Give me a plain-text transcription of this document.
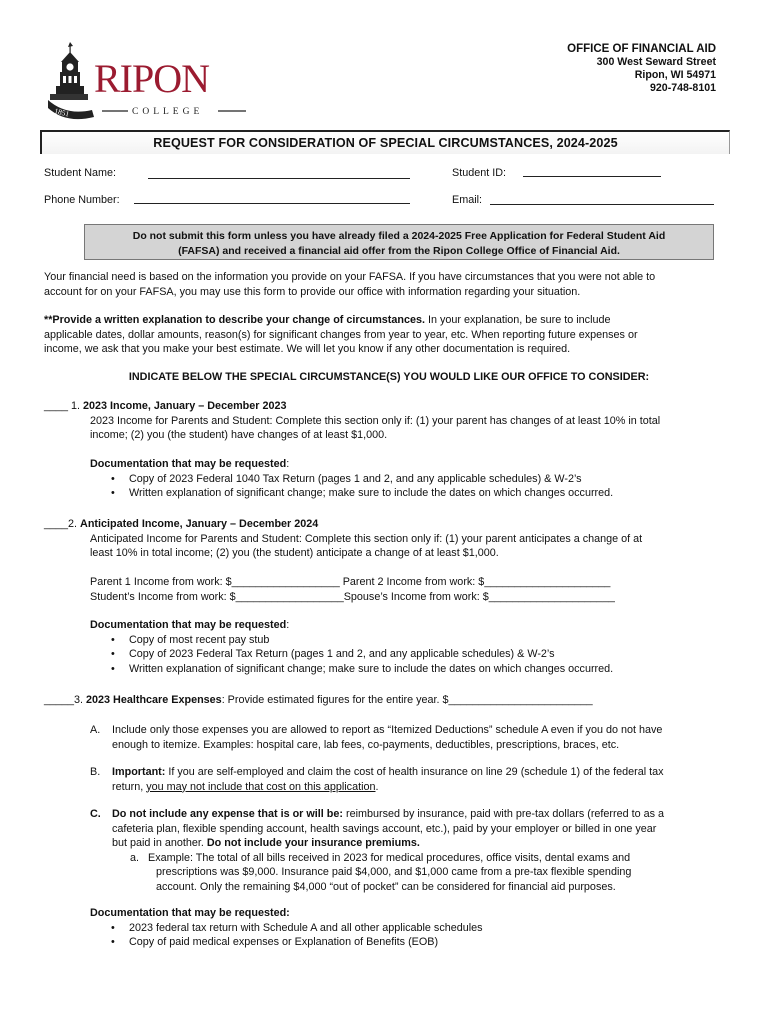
1851
RIPON
COLLEGE
OFFICE OF FINANCIAL AID
300 West Seward Street
Ripon, WI 54971
920-748-8101
REQUEST FOR CONSIDERATION OF SPECIAL CIRCUMSTANCES, 2024-2025
Student Name:	Student ID:
Phone Number:	Email:
Do not submit this form unless you have already filed a 2024-2025 Free Application for Federal Student Aid
(FAFSA) and received a financial aid offer from the Ripon College Office of Financial Aid.
Your financial need is based on the information you provide on your FAFSA. If you have circumstances that you were not able to
account for on your FAFSA, you may use this form to provide our office with information regarding your situation.
**Provide a written explanation to describe your change of circumstances. In your explanation, be sure to include
applicable dates, dollar amounts, reason(s) for significant changes from year to year, etc. When reporting future expenses or
income, we ask that you make your best estimate. We will let you know if any other documentation is required.
INDICATE BELOW THE SPECIAL CIRCUMSTANCE(S) YOU WOULD LIKE OUR OFFICE TO CONSIDER:
____ 1. 2023 Income, January – December 2023
2023 Income for Parents and Student: Complete this section only if: (1) your parent has changes of at least 10% in total
income; (2) you (the student) have changes of at least $1,000.
Documentation that may be requested:
• Copy of 2023 Federal 1040 Tax Return (pages 1 and 2, and any applicable schedules) & W-2’s
• Written explanation of significant change; make sure to include the dates on which changes occurred.
____2. Anticipated Income, January – December 2024
Anticipated Income for Parents and Student: Complete this section only if: (1) your parent anticipates a change of at
least 10% in total income; (2) you (the student) anticipate a change of at least $1,000.
Parent 1 Income from work: $__________________ Parent 2 Income from work: $_____________________
Student’s Income from work: $__________________Spouse’s Income from work: $_____________________
Documentation that may be requested:
• Copy of most recent pay stub
• Copy of 2023 Federal Tax Return (pages 1 and 2, and any applicable schedules) & W-2’s
• Written explanation of significant change; make sure to include the dates on which changes occurred.
_____3. 2023 Healthcare Expenses: Provide estimated figures for the entire year. $________________________
A. Include only those expenses you are allowed to report as “Itemized Deductions” schedule A even if you do not have
enough to itemize. Examples: hospital care, lab fees, co-payments, deductibles, prescriptions, braces, etc.
B. Important: If you are self-employed and claim the cost of health insurance on line 29 (schedule 1) of the federal tax
return, you may not include that cost on this application.
C. Do not include any expense that is or will be: reimbursed by insurance, paid with pre-tax dollars (referred to as a
cafeteria plan, flexible spending account, health savings account, etc.), paid by your employer or billed in one year
but paid in another. Do not include your insurance premiums.
a. Example: The total of all bills received in 2023 for medical procedures, office visits, dental exams and
prescriptions was $9,000. Insurance paid $4,000, and $1,000 came from a pre-tax flexible spending
account. Only the remaining $4,000 “out of pocket” can be considered for financial aid purposes.
Documentation that may be requested:
• 2023 federal tax return with Schedule A and all other applicable schedules
• Copy of paid medical expenses or Explanation of Benefits (EOB)
